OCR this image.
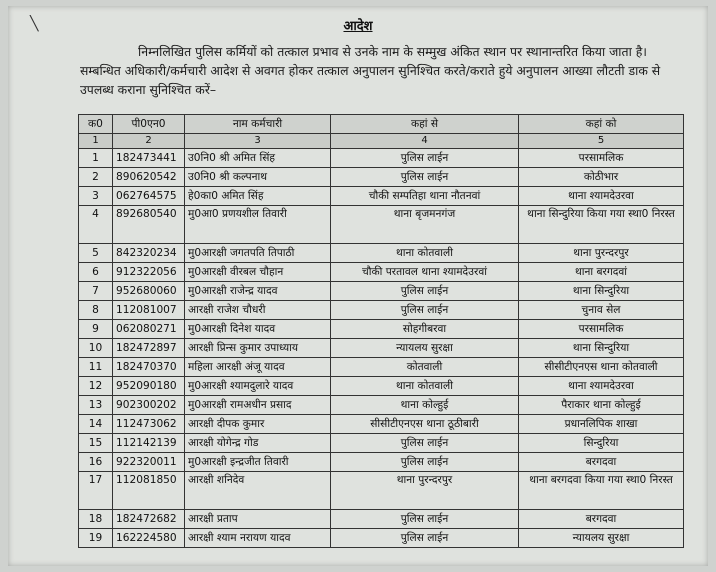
आदेश
निम्नलिखित पुलिस कर्मियों को तत्काल प्रभाव से उनके नाम के सम्मुख अंकित स्थान पर स्थानान्तरित किया जाता है। सम्बन्धित अधिकारी/कर्मचारी आदेश से अवगत होकर तत्काल अनुपालन सुनिश्चित करते/कराते हुये अनुपालन आख्या लौटती डाक से उपलब्ध कराना सुनिश्चित करें–
╲
क0	पी0एन0	नाम कर्मचारी	कहां से	कहां को
1	2	3	4	5
1	182473441	उ0नि0 श्री अमित सिंह	पुलिस लाईन	परसामलिक
2	890620542	उ0नि0 श्री कल्पनाथ	पुलिस लाईन	कोठीभार
3	062764575	हे0का0 अमित सिंह	चौकी सम्पतिहा थाना नौतनवां	थाना श्यामदेउरवा
4	892680540	मु0आ0 प्रणयशील तिवारी	थाना बृजमनगंज	थाना सिन्दुरिया किया गया स्था0 निरस्त
5	842320234	मु0आरक्षी जगतपति तिपाठी	थाना कोतवाली	थाना पुरन्दरपुर
6	912322056	मु0आरक्षी वीरबल चौहान	चौकी परतावल थाना श्यामदेउरवां	थाना बरगदवां
7	952680060	मु0आरक्षी राजेन्द्र यादव	पुलिस लाईन	थाना सिन्दुरिया
8	112081007	आरक्षी राजेश चौधरी	पुलिस लाईन	चुनाव सेल
9	062080271	मु0आरक्षी दिनेश यादव	सोहगीबरवा	परसामलिक
10	182472897	आरक्षी प्रिन्स कुमार उपाध्याय	न्यायलय सुरक्षा	थाना सिन्दुरिया
11	182470370	महिला आरक्षी अंजू यादव	कोतवाली	सीसीटीएनएस थाना कोतवाली
12	952090180	मु0आरक्षी श्यामदुलारे यादव	थाना कोतवाली	थाना श्यामदेउरवा
13	902300202	मु0आरक्षी रामअधीन प्रसाद	थाना कोल्हुई	पैराकार थाना कोल्हुई
14	112473062	आरक्षी दीपक कुमार	सीसीटीएनएस थाना ठूठीबारी	प्रधानलिपिक शाखा
15	112142139	आरक्षी योगेन्द्र गोड	पुलिस लाईन	सिन्दुरिया
16	922320011	मु0आरक्षी इन्द्रजीत तिवारी	पुलिस लाईन	बरगदवा
17	112081850	आरक्षी शनिदेव	थाना पुरन्दरपुर	थाना बरगदवा किया गया स्था0 निरस्त
18	182472682	आरक्षी प्रताप	पुलिस लाईन	बरगदवा
19	162224580	आरक्षी श्याम नरायण यादव	पुलिस लाईन	न्यायलय सुरक्षा
